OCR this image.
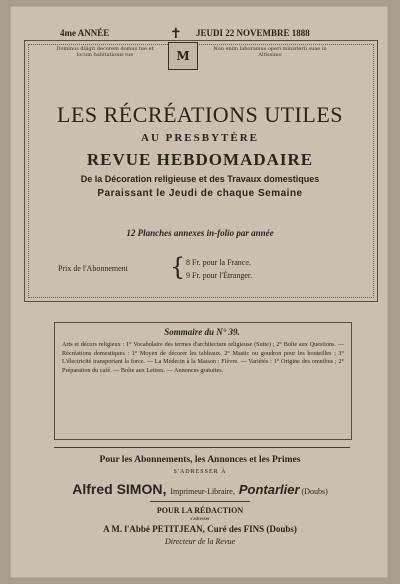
4me ANNÉE	✝ JEUDI 22 NOVEMBRE 1888
Dominus diligit decorem domus tue et locum habitationis tue	M	Non enim laboramus operi ministerii suae in Altissimo
LES RÉCRÉATIONS UTILES
AU PRESBYTÈRE
REVUE HEBDOMADAIRE
De la Décoration religieuse et des Travaux domestiques
Paraissant le Jeudi de chaque Semaine
12 Planches annexes in-folio par année
Prix de l'Abonnement { 8 Fr. pour la France.
9 Fr. pour l'Étranger.
Sommaire du N° 39.
Arts et décors religieux : 1° Vocabulaire des termes d'architecture religieuse (Suite) ; 2° Boîte aux Questions. — Récréations domestiques : 1° Moyen de décorer les tableaux. 2° Mastic ou goudron pour les bouteilles ; 3° L'électricité transportant la force. — La Médecin à la Maison : Fièvre. — Variétés : 1° Origine des omnibus ; 2° Préparation du café. — Boîte aux Lettres. — Annonces gratuites.
Pour les Abonnements, les Annonces et les Primes
S'ADRESSER À
Alfred SIMON, Imprimeur-Libraire, Pontarlier (Doubs)
POUR LA RÉDACTION
s'adresser
A M. l'Abbé PETITJEAN, Curé des FINS (Doubs)
Directeur de la Revue
